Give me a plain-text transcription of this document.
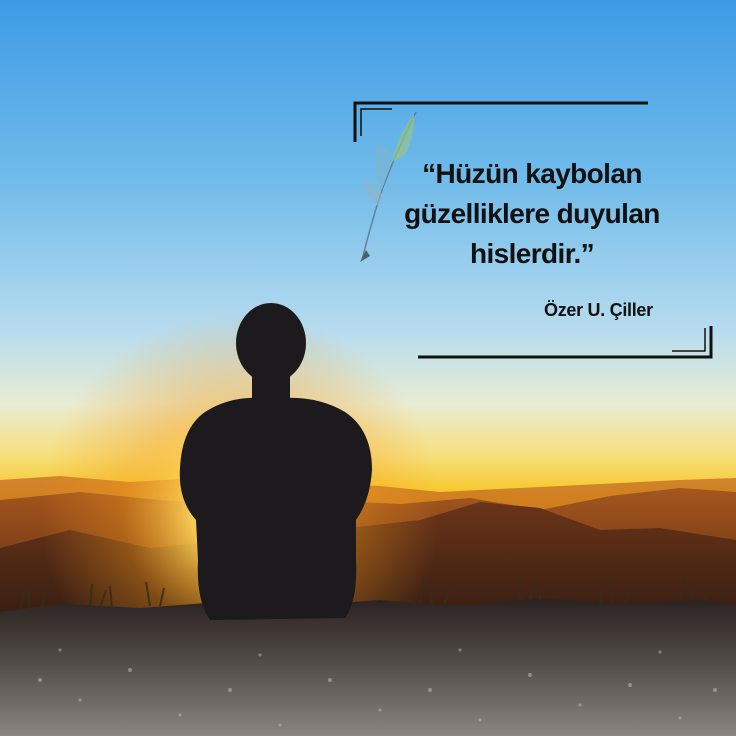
“Hüzün kaybolan
güzelliklere duyulan
hislerdir.”
Özer U. Çiller
